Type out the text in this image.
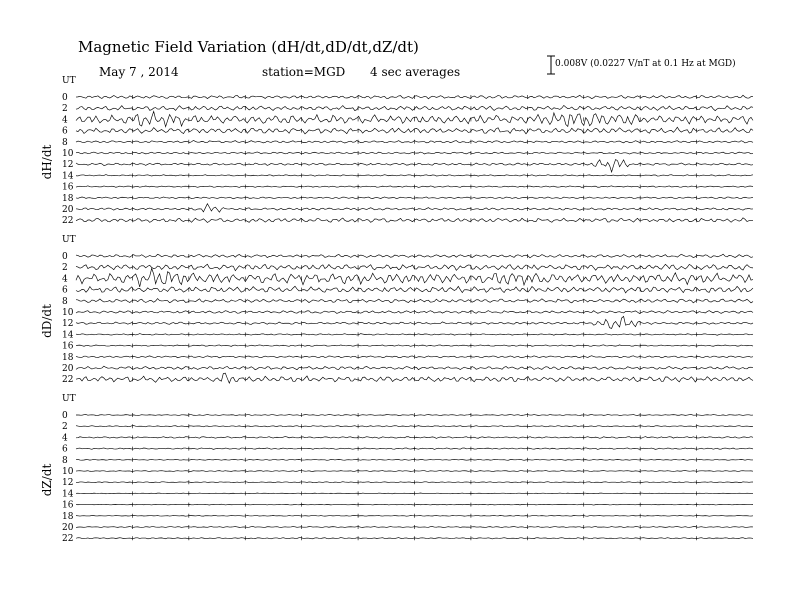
Magnetic Field Variation (dH/dt,dD/dt,dZ/dt)
May 7 , 2014	station=MGD 4 sec averages
0.008V (0.0227 V/nT at 0.1 Hz at MGD)
UT
dH/dt
0
2
4
6
8
10
12
14
16
18
20
22
UT
dD/dt
0
2
4
6
8
10
12
14
16
18
20
22
UT
dZ/dt
0
2
4
6
8
10
12
14
16
18
20
22
